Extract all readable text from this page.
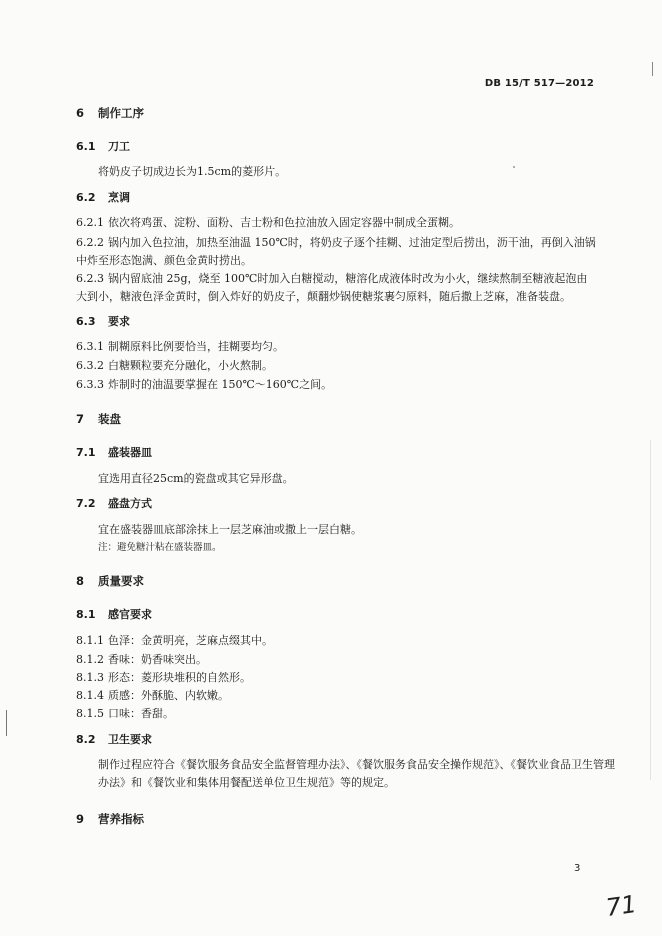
DB 15/T 517—2012
6 制作工序
6.1 刀工
将奶皮子切成边长为1.5cm的菱形片。
6.2 烹调
6.2.1 依次将鸡蛋、淀粉、面粉、吉士粉和色拉油放入固定容器中制成全蛋糊。
6.2.2 锅内加入色拉油，加热至油温 150℃时，将奶皮子逐个挂糊、过油定型后捞出，沥干油，再倒入油锅中炸至形态饱满、颜色金黄时捞出。
6.2.3 锅内留底油 25g，烧至 100℃时加入白糖搅动，糖溶化成液体时改为小火，继续熬制至糖液起泡由大到小，糖液色泽金黄时，倒入炸好的奶皮子，颠翻炒锅使糖浆裹匀原料，随后撒上芝麻，准备装盘。
6.3 要求
6.3.1 制糊原料比例要恰当，挂糊要均匀。
6.3.2 白糖颗粒要充分融化，小火熬制。
6.3.3 炸制时的油温要掌握在 150℃～160℃之间。
7 装盘
7.1 盛装器皿
宜选用直径25cm的瓷盘或其它异形盘。
7.2 盛盘方式
宜在盛装器皿底部涂抹上一层芝麻油或撒上一层白糖。
注：避免糖汁粘在盛装器皿。
8 质量要求
8.1 感官要求
8.1.1 色泽：金黄明亮，芝麻点缀其中。
8.1.2 香味：奶香味突出。
8.1.3 形态：菱形块堆积的自然形。
8.1.4 质感：外酥脆、内软嫩。
8.1.5 口味：香甜。
8.2 卫生要求
制作过程应符合《餐饮服务食品安全监督管理办法》、《餐饮服务食品安全操作规范》、《餐饮业食品卫生管理办法》和《餐饮业和集体用餐配送单位卫生规范》等的规定。
9 营养指标
3
71
